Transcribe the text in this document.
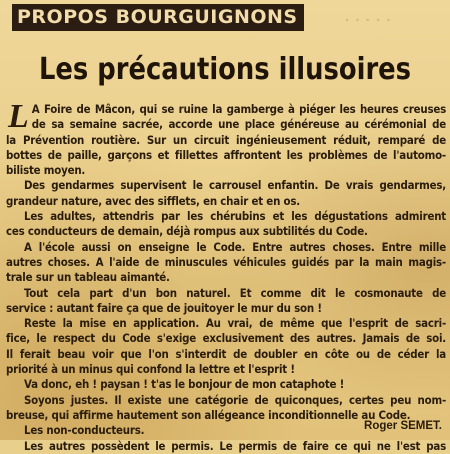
PROPOS BOURGUIGNONS	. . . . .
Les précautions illusoires
L A Foire de Mâcon, qui se ruine la gamberge à piéger les heures creuses
de sa semaine sacrée, accorde une place généreuse au cérémonial de
la Prévention routière. Sur un circuit ingénieusement réduit, remparé de
bottes de paille, garçons et fillettes affrontent les problèmes de l'automo-
biliste moyen.
Des gendarmes supervisent le carrousel enfantin. De vrais gendarmes,
grandeur nature, avec des sifflets, en chair et en os.
Les adultes, attendris par les chérubins et les dégustations admirent
ces conducteurs de demain, déjà rompus aux subtilités du Code.
A l'école aussi on enseigne le Code. Entre autres choses. Entre mille
autres choses. A l'aide de minuscules véhicules guidés par la main magis-
trale sur un tableau aimanté.
Tout cela part d'un bon naturel. Et comme dit le cosmonaute de
service : autant faire ça que de jouitoyer le mur du son !
Reste la mise en application. Au vrai, de même que l'esprit de sacri-
fice, le respect du Code s'exige exclusivement des autres. Jamais de soi.
Il ferait beau voir que l'on s'interdit de doubler en côte ou de céder la
priorité à un minus qui confond la lettre et l'esprit !
Va donc, eh ! paysan ! t'as le bonjour de mon cataphote !
Soyons justes. Il existe une catégorie de quiconques, certes peu nom-
breuse, qui affirme hautement son allégeance inconditionnelle au Code.
Les non-conducteurs.
Les autres possèdent le permis. Le permis de faire ce qui ne l'est pas
Roger SEMET.
